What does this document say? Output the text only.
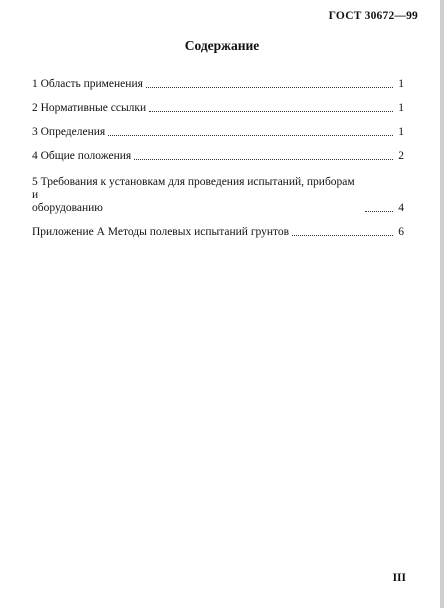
ГОСТ 30672—99
Содержание
1 Область применения	1
2 Нормативные ссылки	1
3 Определения	1
4 Общие положения	2
5 Требования к установкам для проведения испытаний, приборам и
оборудованию	4
Приложение А Методы полевых испытаний грунтов	6
III
